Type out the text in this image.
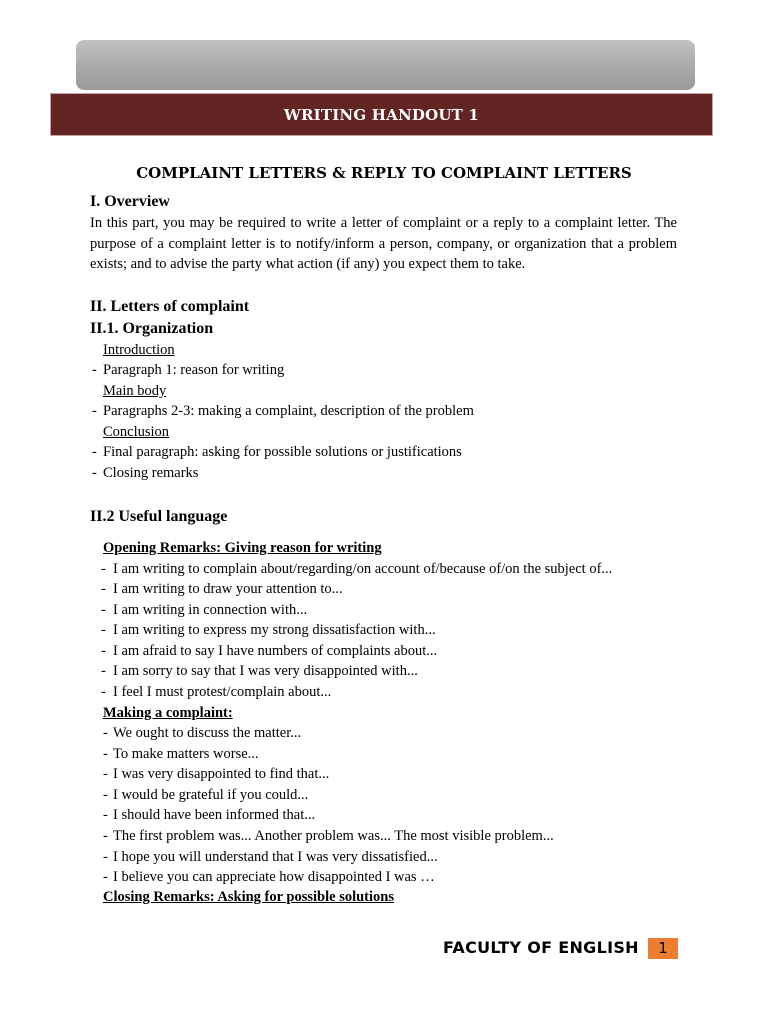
WRITING HANDOUT 1
COMPLAINT LETTERS & REPLY TO COMPLAINT LETTERS
I. Overview
In this part, you may be required to write a letter of complaint or a reply to a complaint letter. The purpose of a complaint letter is to notify/inform a person, company, or organization that a problem exists; and to advise the party what action (if any) you expect them to take.
II. Letters of complaint
II.1. Organization
Introduction
- Paragraph 1: reason for writing
Main body
- Paragraphs 2-3: making a complaint, description of the problem
Conclusion
- Final paragraph: asking for possible solutions or justifications
- Closing remarks
II.2 Useful language
Opening Remarks: Giving reason for writing
- I am writing to complain about/regarding/on account of/because of/on the subject of...
- I am writing to draw your attention to...
- I am writing in connection with...
- I am writing to express my strong dissatisfaction with...
- I am afraid to say I have numbers of complaints about...
- I am sorry to say that I was very disappointed with...
- I feel I must protest/complain about...
Making a complaint:
- We ought to discuss the matter...
- To make matters worse...
- I was very disappointed to find that...
- I would be grateful if you could...
- I should have been informed that...
- The first problem was... Another problem was... The most visible problem...
- I hope you will understand that I was very dissatisfied...
- I believe you can appreciate how disappointed I was …
Closing Remarks: Asking for possible solutions
FACULTY OF ENGLISH	1
